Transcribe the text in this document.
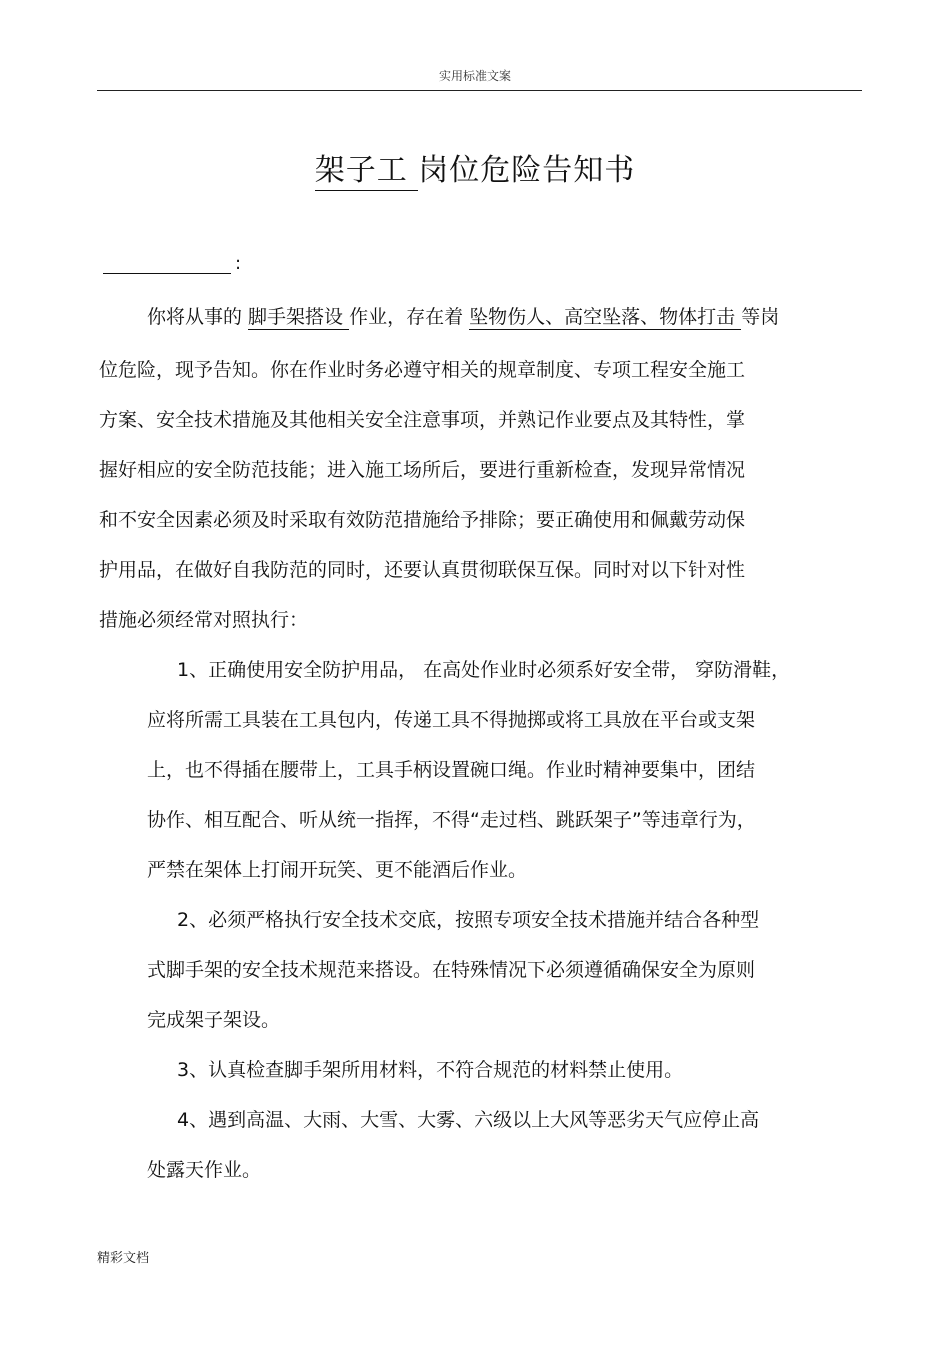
实用标准文案
架子工 岗位危险告知书
:
你将从事的 脚手架搭设 作业，存在着 坠物伤人、高空坠落、物体打击 等岗
位危险，现予告知。你在作业时务必遵守相关的规章制度、专项工程安全施工
方案、安全技术措施及其他相关安全注意事项，并熟记作业要点及其特性，掌
握好相应的安全防范技能；进入施工场所后，要进行重新检查，发现异常情况
和不安全因素必须及时采取有效防范措施给予排除；要正确使用和佩戴劳动保
护用品，在做好自我防范的同时，还要认真贯彻联保互保。同时对以下针对性
措施必须经常对照执行：
1、正确使用安全防护用品， 在高处作业时必须系好安全带， 穿防滑鞋，
应将所需工具装在工具包内，传递工具不得抛掷或将工具放在平台或支架
上，也不得插在腰带上，工具手柄设置碗口绳。作业时精神要集中，团结
协作、相互配合、听从统一指挥，不得“走过档、跳跃架子”等违章行为，
严禁在架体上打闹开玩笑、更不能酒后作业。
2、必须严格执行安全技术交底，按照专项安全技术措施并结合各种型
式脚手架的安全技术规范来搭设。在特殊情况下必须遵循确保安全为原则
完成架子架设。
3、认真检查脚手架所用材料，不符合规范的材料禁止使用。
4、遇到高温、大雨、大雪、大雾、六级以上大风等恶劣天气应停止高
处露天作业。
精彩文档
